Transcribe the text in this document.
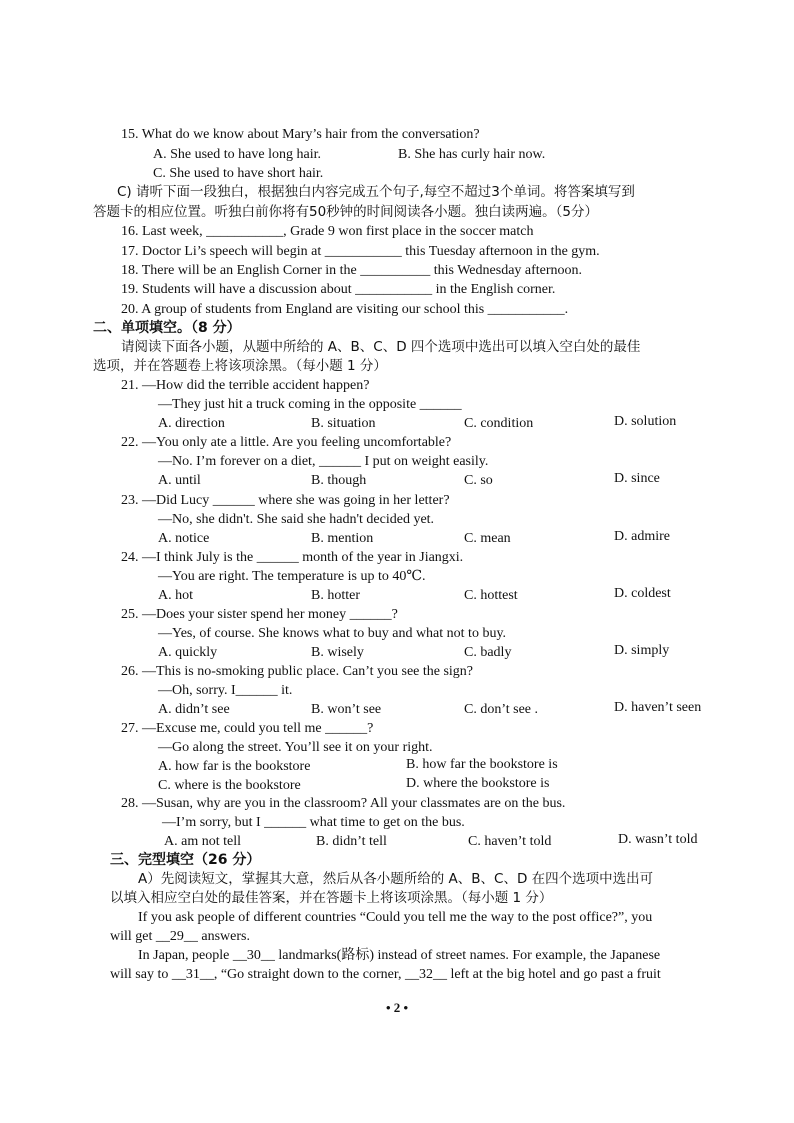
15. What do we know about Mary’s hair from the conversation?
A. She used to have long hair.	B. She has curly hair now.
C. She used to have short hair.
C) 请听下面一段独白，根据独白内容完成五个句子,每空不超过3个单词。将答案填写到
答题卡的相应位置。听独白前你将有50秒钟的时间阅读各小题。独白读两遍。（5分）
16. Last week, ___________, Grade 9 won first place in the soccer match
17. Doctor Li’s speech will begin at ___________ this Tuesday afternoon in the gym.
18. There will be an English Corner in the __________ this Wednesday afternoon.
19. Students will have a discussion about ___________ in the English corner.
20. A group of students from England are visiting our school this ___________.
二、单项填空。（8 分）
请阅读下面各小题，从题中所给的 A、B、C、D 四个选项中选出可以填入空白处的最佳
选项，并在答题卷上将该项涂黑。（每小题 1 分）
21. —How did the terrible accident happen?
—They just hit a truck coming in the opposite ______
A. direction	B. situation	C. condition	D. solution
22. —You only ate a little. Are you feeling uncomfortable?
—No. I’m forever on a diet, ______ I put on weight easily.
A. until	B. though	C. so	D. since
23. —Did Lucy ______ where she was going in her letter?
—No, she didn't. She said she hadn't decided yet.
A. notice	B. mention	C. mean	D. admire
24. —I think July is the ______ month of the year in Jiangxi.
—You are right. The temperature is up to 40℃.
A. hot	B. hotter	C. hottest	D. coldest
25. —Does your sister spend her money ______?
—Yes, of course. She knows what to buy and what not to buy.
A. quickly	B. wisely	C. badly	D. simply
26. —This is no-smoking public place. Can’t you see the sign?
—Oh, sorry. I______ it.
A. didn’t see	B. won’t see	C. don’t see .	D. haven’t seen
27. —Excuse me, could you tell me ______?
—Go along the street. You’ll see it on your right.
A. how far is the bookstore	B. how far the bookstore is
C. where is the bookstore	D. where the bookstore is
28. —Susan, why are you in the classroom? All your classmates are on the bus.
—I’m sorry, but I ______ what time to get on the bus.
A. am not tell	B. didn’t tell	C. haven’t told	D. wasn’t told
三、完型填空（26 分）
A）先阅读短文，掌握其大意，然后从各小题所给的 A、B、C、D 在四个选项中选出可
以填入相应空白处的最佳答案，并在答题卡上将该项涂黑。（每小题 1 分）
If you ask people of different countries “Could you tell me the way to the post office?”, you
will get __29__ answers.
In Japan, people __30__ landmarks(路标) instead of street names. For example, the Japanese
will say to __31__, “Go straight down to the corner, __32__ left at the big hotel and go past a fruit
• 2 •
